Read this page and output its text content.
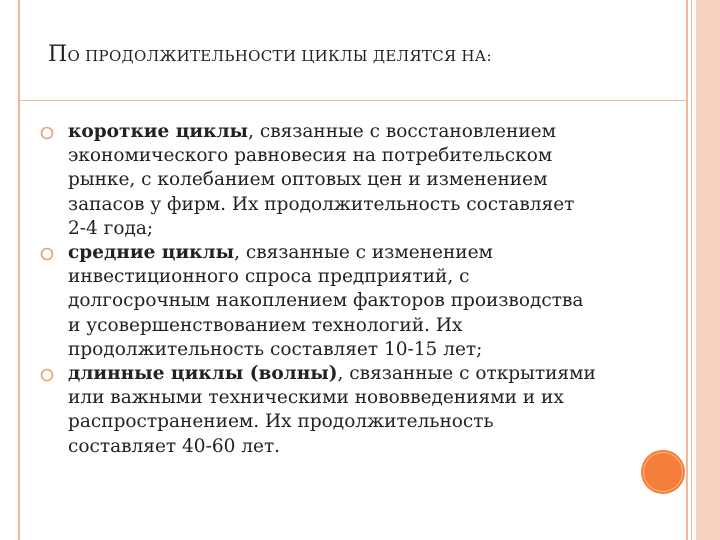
ПО ПРОДОЛЖИТЕЛЬНОСТИ ЦИКЛЫ ДЕЛЯТСЯ НА:
короткие циклы, связанные с восстановлением
экономического равновесия на потребительском
рынке, с колебанием оптовых цен и изменением
запасов у фирм. Их продолжительность составляет
2-4 года;
средние циклы, связанные с изменением
инвестиционного спроса предприятий, с
долгосрочным накоплением факторов производства
и усовершенствованием технологий. Их
продолжительность составляет 10-15 лет;
длинные циклы (волны), связанные с открытиями
или важными техническими нововведениями и их
распространением. Их продолжительность
составляет 40-60 лет.
